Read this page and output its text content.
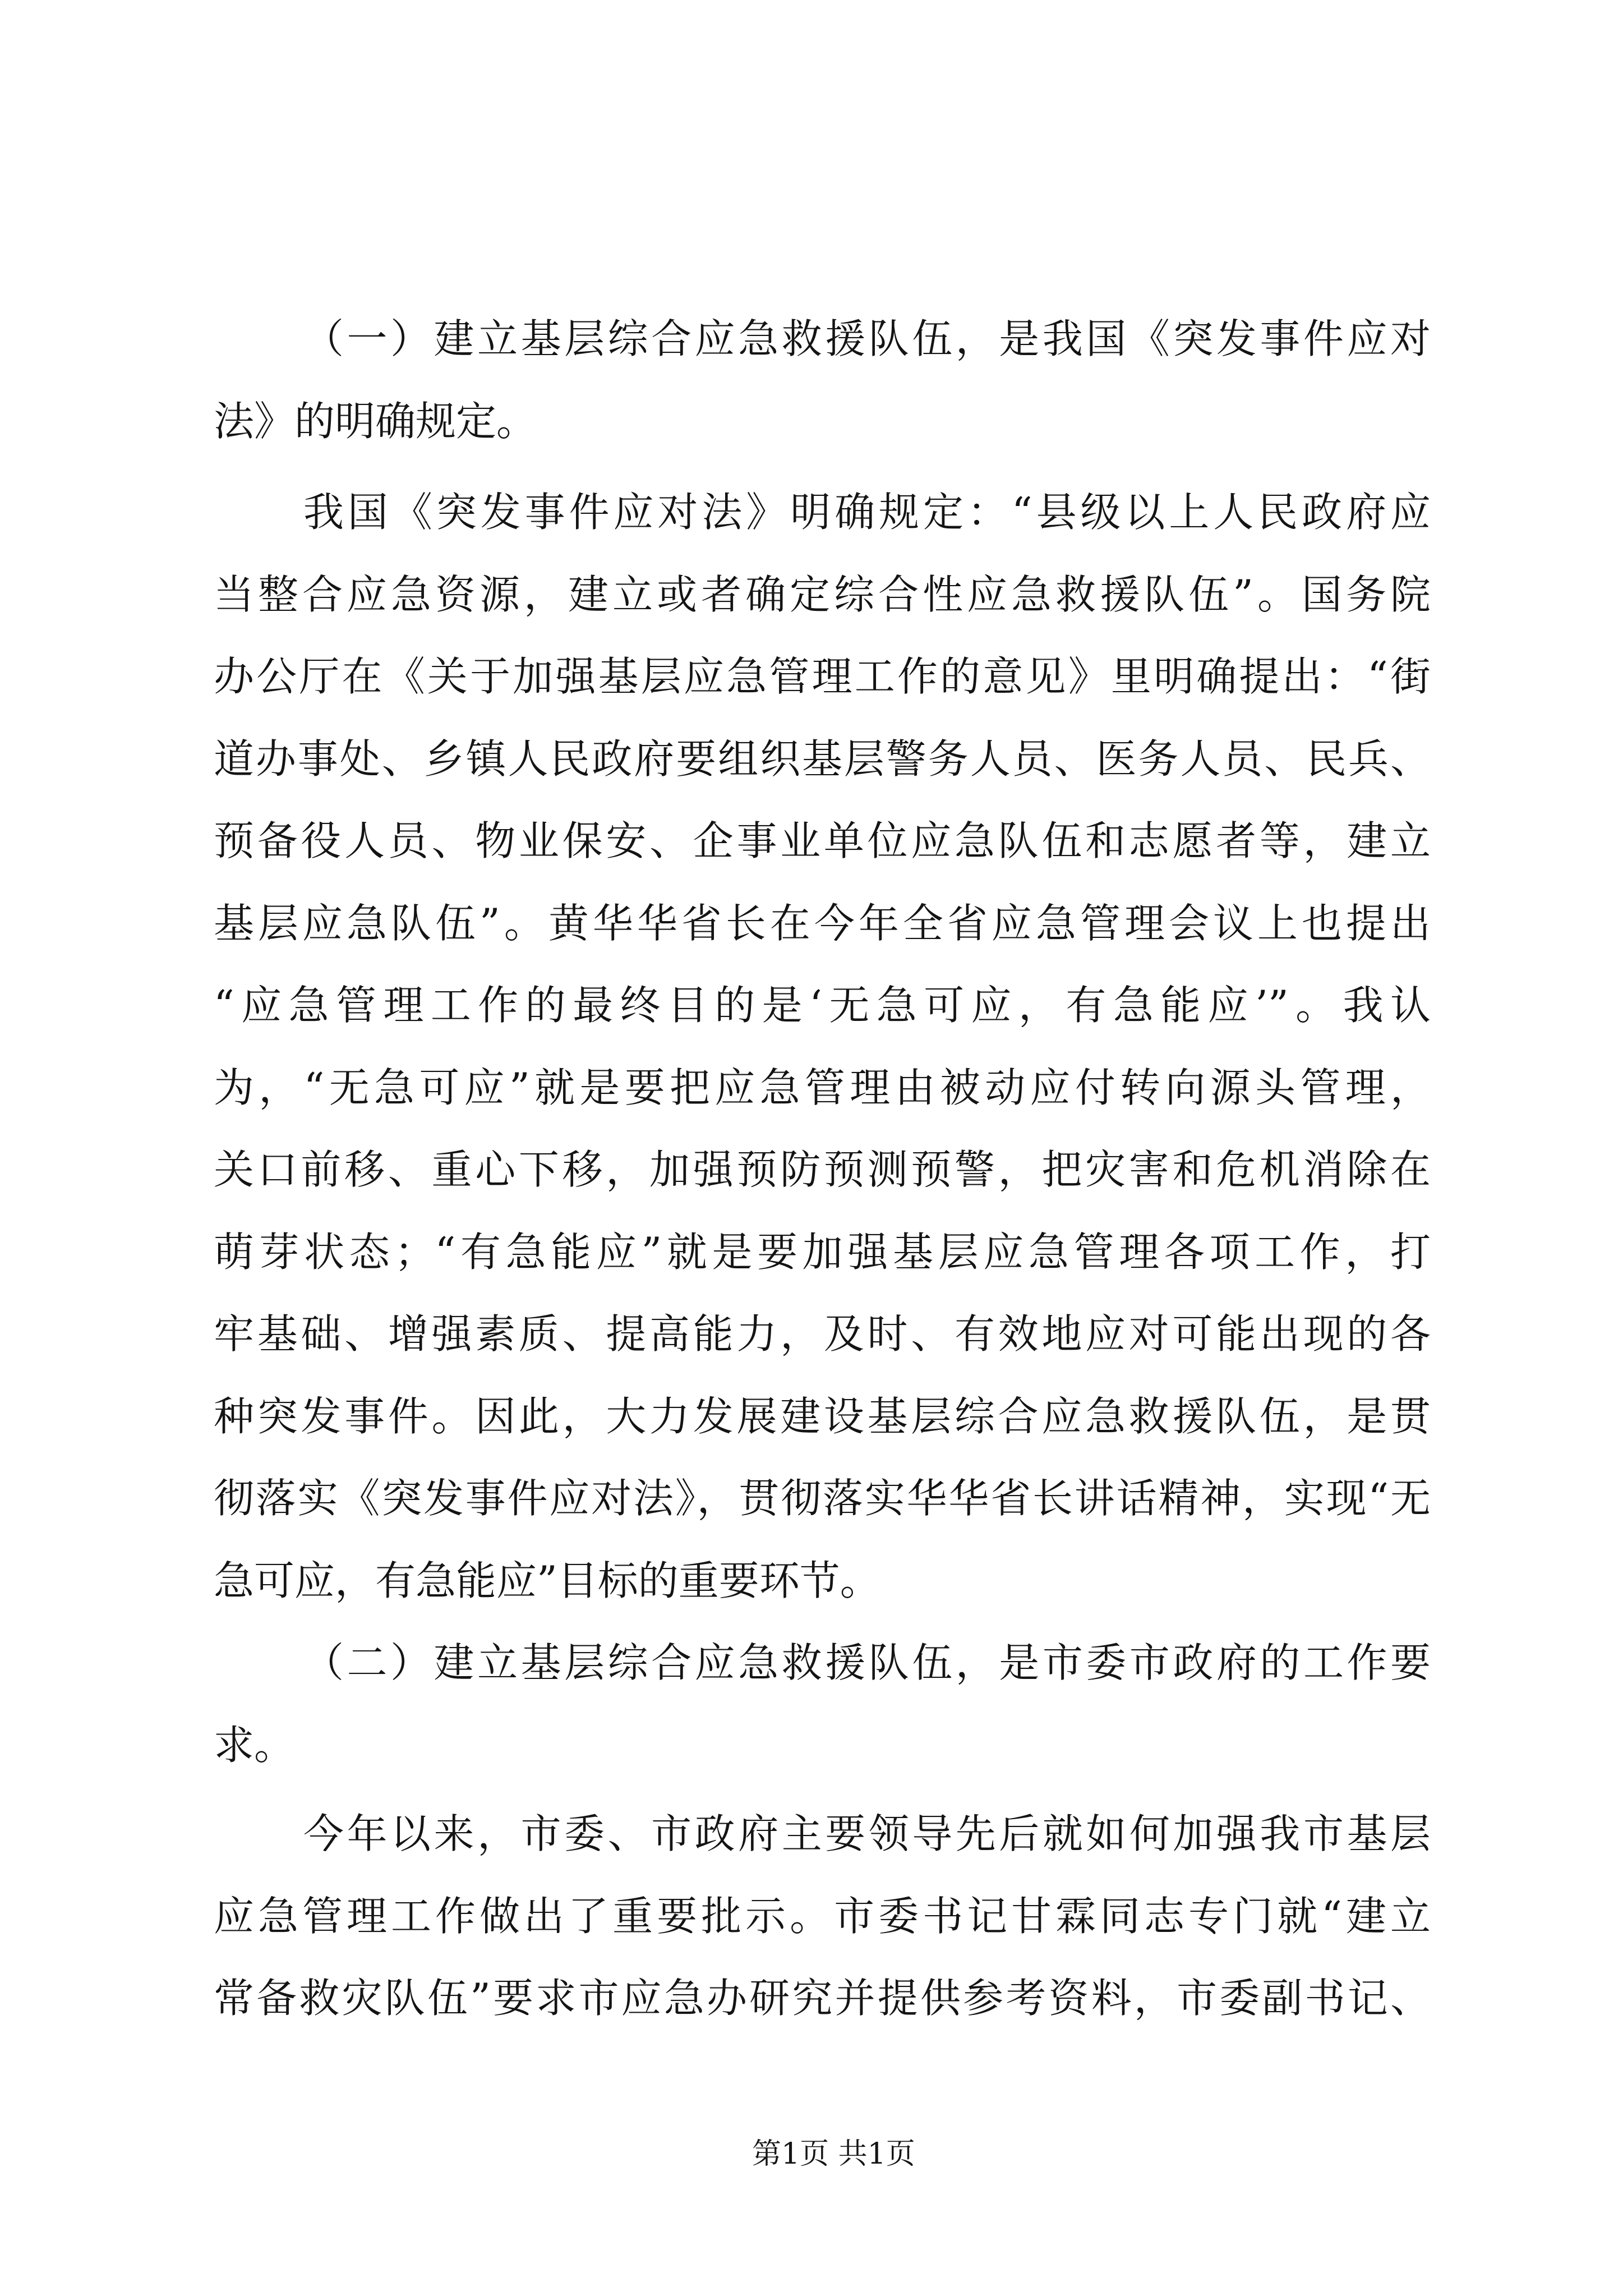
（一）建立基层综合应急救援队伍，是我国《突发事件应对
法》的明确规定。
我国《突发事件应对法》明确规定：“县级以上人民政府应
当整合应急资源，建立或者确定综合性应急救援队伍”。国务院
办公厅在《关于加强基层应急管理工作的意见》里明确提出：“街
道办事处、乡镇人民政府要组织基层警务人员、医务人员、民兵、
预备役人员、物业保安、企事业单位应急队伍和志愿者等，建立
基层应急队伍”。黄华华省长在今年全省应急管理会议上也提出
“应急管理工作的最终目的是‘无急可应，有急能应’”。我认
为，“无急可应”就是要把应急管理由被动应付转向源头管理，
关口前移、重心下移，加强预防预测预警，把灾害和危机消除在
萌芽状态；“有急能应”就是要加强基层应急管理各项工作，打
牢基础、增强素质、提高能力，及时、有效地应对可能出现的各
种突发事件。因此，大力发展建设基层综合应急救援队伍，是贯
彻落实《突发事件应对法》，贯彻落实华华省长讲话精神，实现“无
急可应，有急能应”目标的重要环节。
（二）建立基层综合应急救援队伍，是市委市政府的工作要
求。
今年以来，市委、市政府主要领导先后就如何加强我市基层
应急管理工作做出了重要批示。市委书记甘霖同志专门就“建立
常备救灾队伍”要求市应急办研究并提供参考资料，市委副书记、
第1页 共1页
